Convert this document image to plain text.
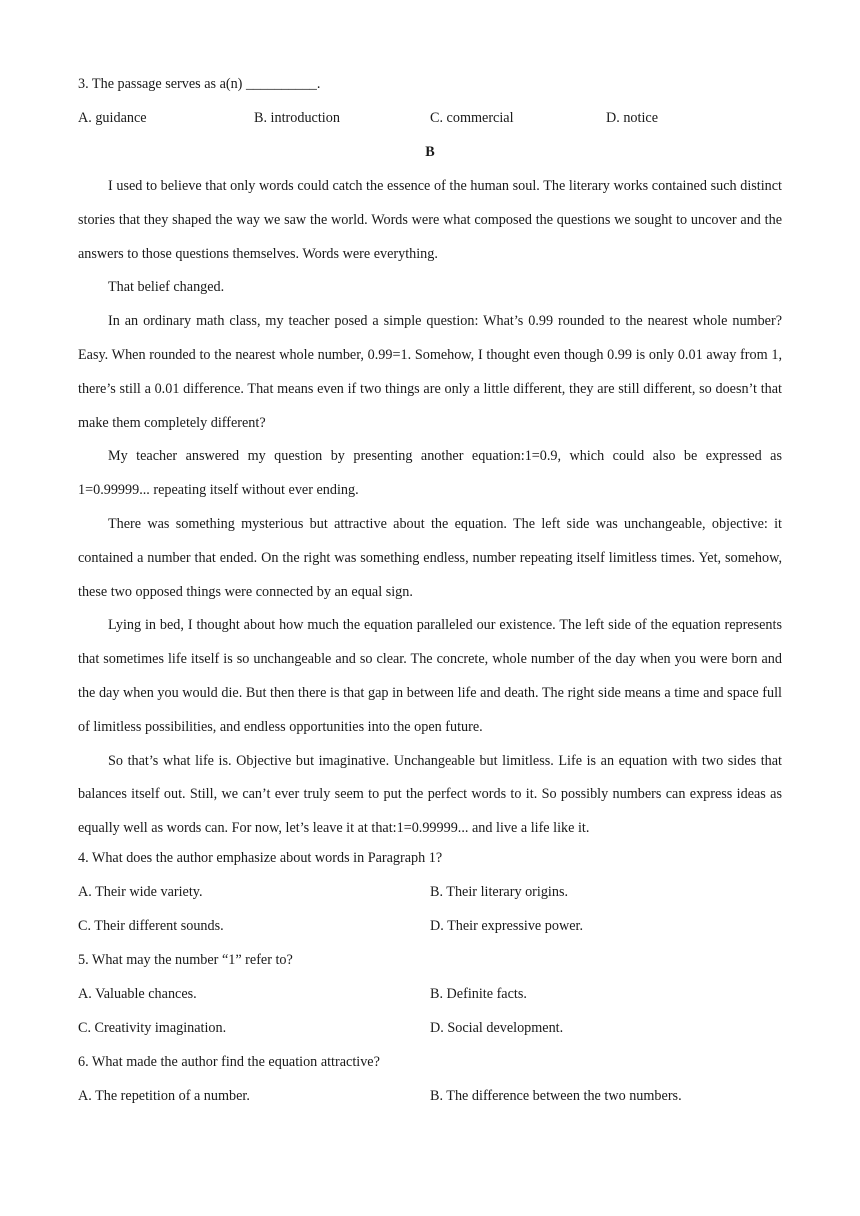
3. The passage serves as a(n) __________.
A. guidance	B. introduction	C. commercial	D. notice
B

I used to believe that only words could catch the essence of the human soul. The literary works contained such distinct stories that they shaped the way we saw the world. Words were what composed the questions we sought to uncover and the answers to those questions themselves. Words were everything.

That belief changed.

In an ordinary math class, my teacher posed a simple question: What’s 0.99 rounded to the nearest whole number? Easy. When rounded to the nearest whole number, 0.99=1. Somehow, I thought even though 0.99 is only 0.01 away from 1, there’s still a 0.01 difference. That means even if two things are only a little different, they are still different, so doesn’t that make them completely different?

My teacher answered my question by presenting another equation:1=0.9, which could also be expressed as 1=0.99999... repeating itself without ever ending.

There was something mysterious but attractive about the equation. The left side was unchangeable, objective: it contained a number that ended. On the right was something endless, number repeating itself limitless times. Yet, somehow, these two opposed things were connected by an equal sign.

Lying in bed, I thought about how much the equation paralleled our existence. The left side of the equation represents that sometimes life itself is so unchangeable and so clear. The concrete, whole number of the day when you were born and the day when you would die. But then there is that gap in between life and death. The right side means a time and space full of limitless possibilities, and endless opportunities into the open future.

So that’s what life is. Objective but imaginative. Unchangeable but limitless. Life is an equation with two sides that balances itself out. Still, we can’t ever truly seem to put the perfect words to it. So possibly numbers can express ideas as equally well as words can. For now, let’s leave it at that:1=0.99999... and live a life like it.

4. What does the author emphasize about words in Paragraph 1?
A. Their wide variety.	B. Their literary origins.
C. Their different sounds.	D. Their expressive power.
5. What may the number “1” refer to?
A. Valuable chances.	B. Definite facts.
C. Creativity imagination.	D. Social development.
6. What made the author find the equation attractive?
A. The repetition of a number.	B. The difference between the two numbers.
